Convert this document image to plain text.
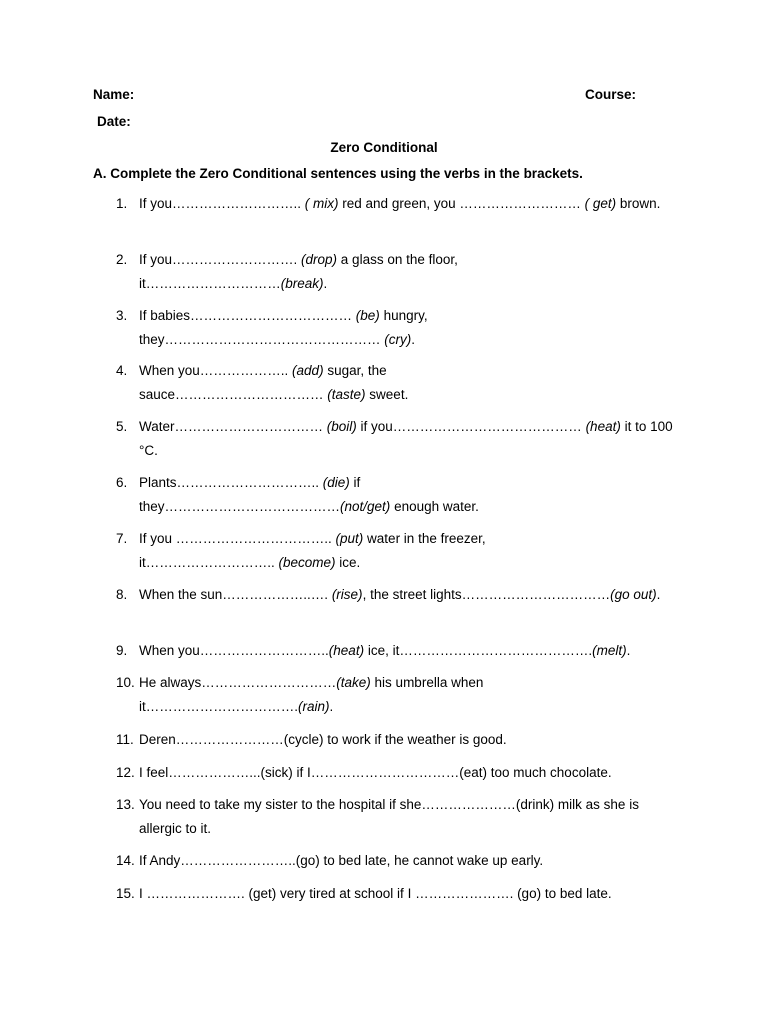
Name:	Course:
Date:
Zero Conditional
A. Complete the Zero Conditional sentences using the verbs in the brackets.
1. If you……………………….. ( mix) red and green, you ……………………… ( get) brown.
2. If you………………………. (drop) a glass on the floor,
it…………………………(break).
3. If babies……………………………… (be) hungry,
they………………………………………… (cry).
4. When you……………….. (add) sugar, the
sauce…………………………… (taste) sweet.
5. Water…………………………… (boil) if you…………………………………… (heat) it to 100 °C.
6. Plants………………………….. (die) if
they…………………………………(not/get) enough water.
7. If you …………………………….. (put) water in the freezer,
it……………………….. (become) ice.
8. When the sun………………..…. (rise), the street lights……………………………(go out).
9. When you………………………..(heat) ice, it…………………………………….(melt).
10. He always…………………………(take) his umbrella when
it…………………………….(rain).
11. Deren……………………(cycle) to work if the weather is good.
12. I feel………………...(sick) if I……………………………(eat) too much chocolate.
13. You need to take my sister to the hospital if she…………………(drink) milk as she is allergic to it.
14. If Andy……………………..(go) to bed late, he cannot wake up early.
15. I …………………. (get) very tired at school if I …………………. (go) to bed late.
